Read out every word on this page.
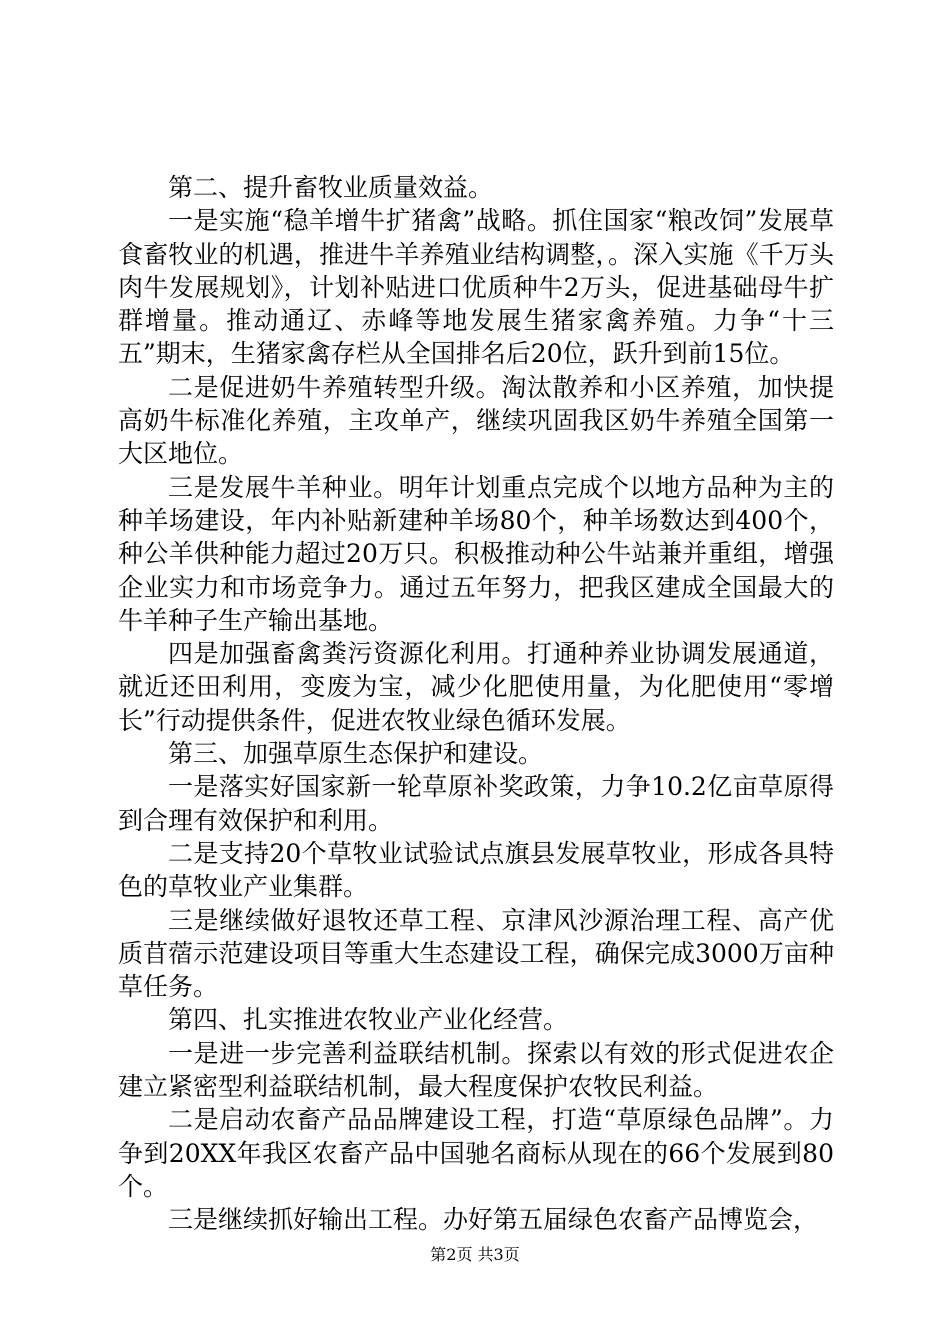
第二、提升畜牧业质量效益。

一是实施“稳羊增牛扩猪禽”战略。抓住国家“粮改饲”发展草食畜牧业的机遇，推进牛羊养殖业结构调整，。深入实施《千万头肉牛发展规划》，计划补贴进口优质种牛2万头，促进基础母牛扩群增量。推动通辽、赤峰等地发展生猪家禽养殖。力争“十三五”期末，生猪家禽存栏从全国排名后20位，跃升到前15位。

二是促进奶牛养殖转型升级。淘汰散养和小区养殖，加快提高奶牛标准化养殖，主攻单产，继续巩固我区奶牛养殖全国第一大区地位。

三是发展牛羊种业。明年计划重点完成个以地方品种为主的种羊场建设，年内补贴新建种羊场80个，种羊场数达到400个，种公羊供种能力超过20万只。积极推动种公牛站兼并重组，增强企业实力和市场竞争力。通过五年努力，把我区建成全国最大的牛羊种子生产输出基地。

四是加强畜禽粪污资源化利用。打通种养业协调发展通道，就近还田利用，变废为宝，减少化肥使用量，为化肥使用“零增长”行动提供条件，促进农牧业绿色循环发展。

第三、加强草原生态保护和建设。

一是落实好国家新一轮草原补奖政策，力争10.2亿亩草原得到合理有效保护和利用。

二是支持20个草牧业试验试点旗县发展草牧业，形成各具特色的草牧业产业集群。

三是继续做好退牧还草工程、京津风沙源治理工程、高产优质苜蓿示范建设项目等重大生态建设工程，确保完成3000万亩种草任务。

第四、扎实推进农牧业产业化经营。

一是进一步完善利益联结机制。探索以有效的形式促进农企建立紧密型利益联结机制，最大程度保护农牧民利益。

二是启动农畜产品品牌建设工程，打造“草原绿色品牌”。力争到20XX年我区农畜产品中国驰名商标从现在的66个发展到80个。

三是继续抓好输出工程。办好第五届绿色农畜产品博览会，

第2页 共3页
